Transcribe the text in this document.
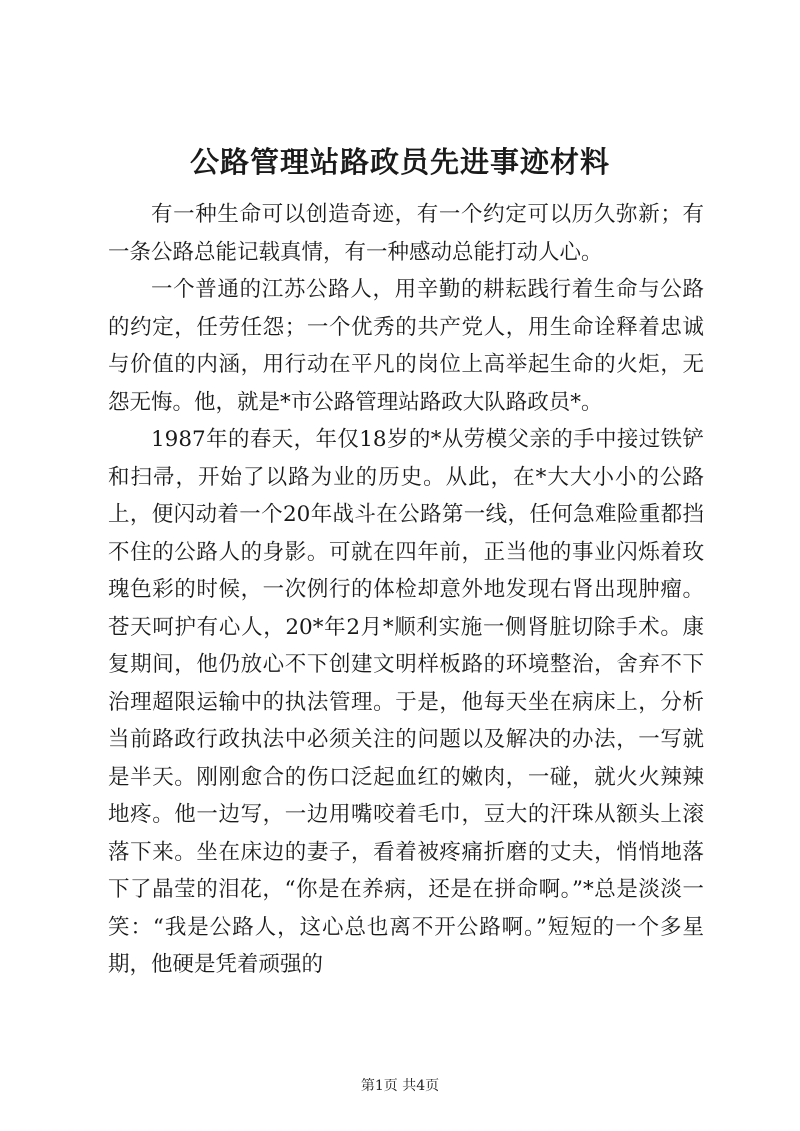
公路管理站路政员先进事迹材料

有一种生命可以创造奇迹，有一个约定可以历久弥新；有一条公路总能记载真情，有一种感动总能打动人心。

一个普通的江苏公路人，用辛勤的耕耘践行着生命与公路的约定，任劳任怨；一个优秀的共产党人，用生命诠释着忠诚与价值的内涵，用行动在平凡的岗位上高举起生命的火炬，无怨无悔。他，就是*市公路管理站路政大队路政员*。

1987年的春天，年仅18岁的*从劳模父亲的手中接过铁铲和扫帚，开始了以路为业的历史。从此，在*大大小小的公路上，便闪动着一个20年战斗在公路第一线，任何急难险重都挡不住的公路人的身影。可就在四年前，正当他的事业闪烁着玫瑰色彩的时候，一次例行的体检却意外地发现右肾出现肿瘤。苍天呵护有心人，20*年2月*顺利实施一侧肾脏切除手术。康复期间，他仍放心不下创建文明样板路的环境整治，舍弃不下治理超限运输中的执法管理。于是，他每天坐在病床上，分析当前路政行政执法中必须关注的问题以及解决的办法，一写就是半天。刚刚愈合的伤口泛起血红的嫩肉，一碰，就火火辣辣地疼。他一边写，一边用嘴咬着毛巾，豆大的汗珠从额头上滚落下来。坐在床边的妻子，看着被疼痛折磨的丈夫，悄悄地落下了晶莹的泪花，“你是在养病，还是在拼命啊。”*总是淡淡一笑：“我是公路人，这心总也离不开公路啊。”短短的一个多星期，他硬是凭着顽强的

第1页 共4页
